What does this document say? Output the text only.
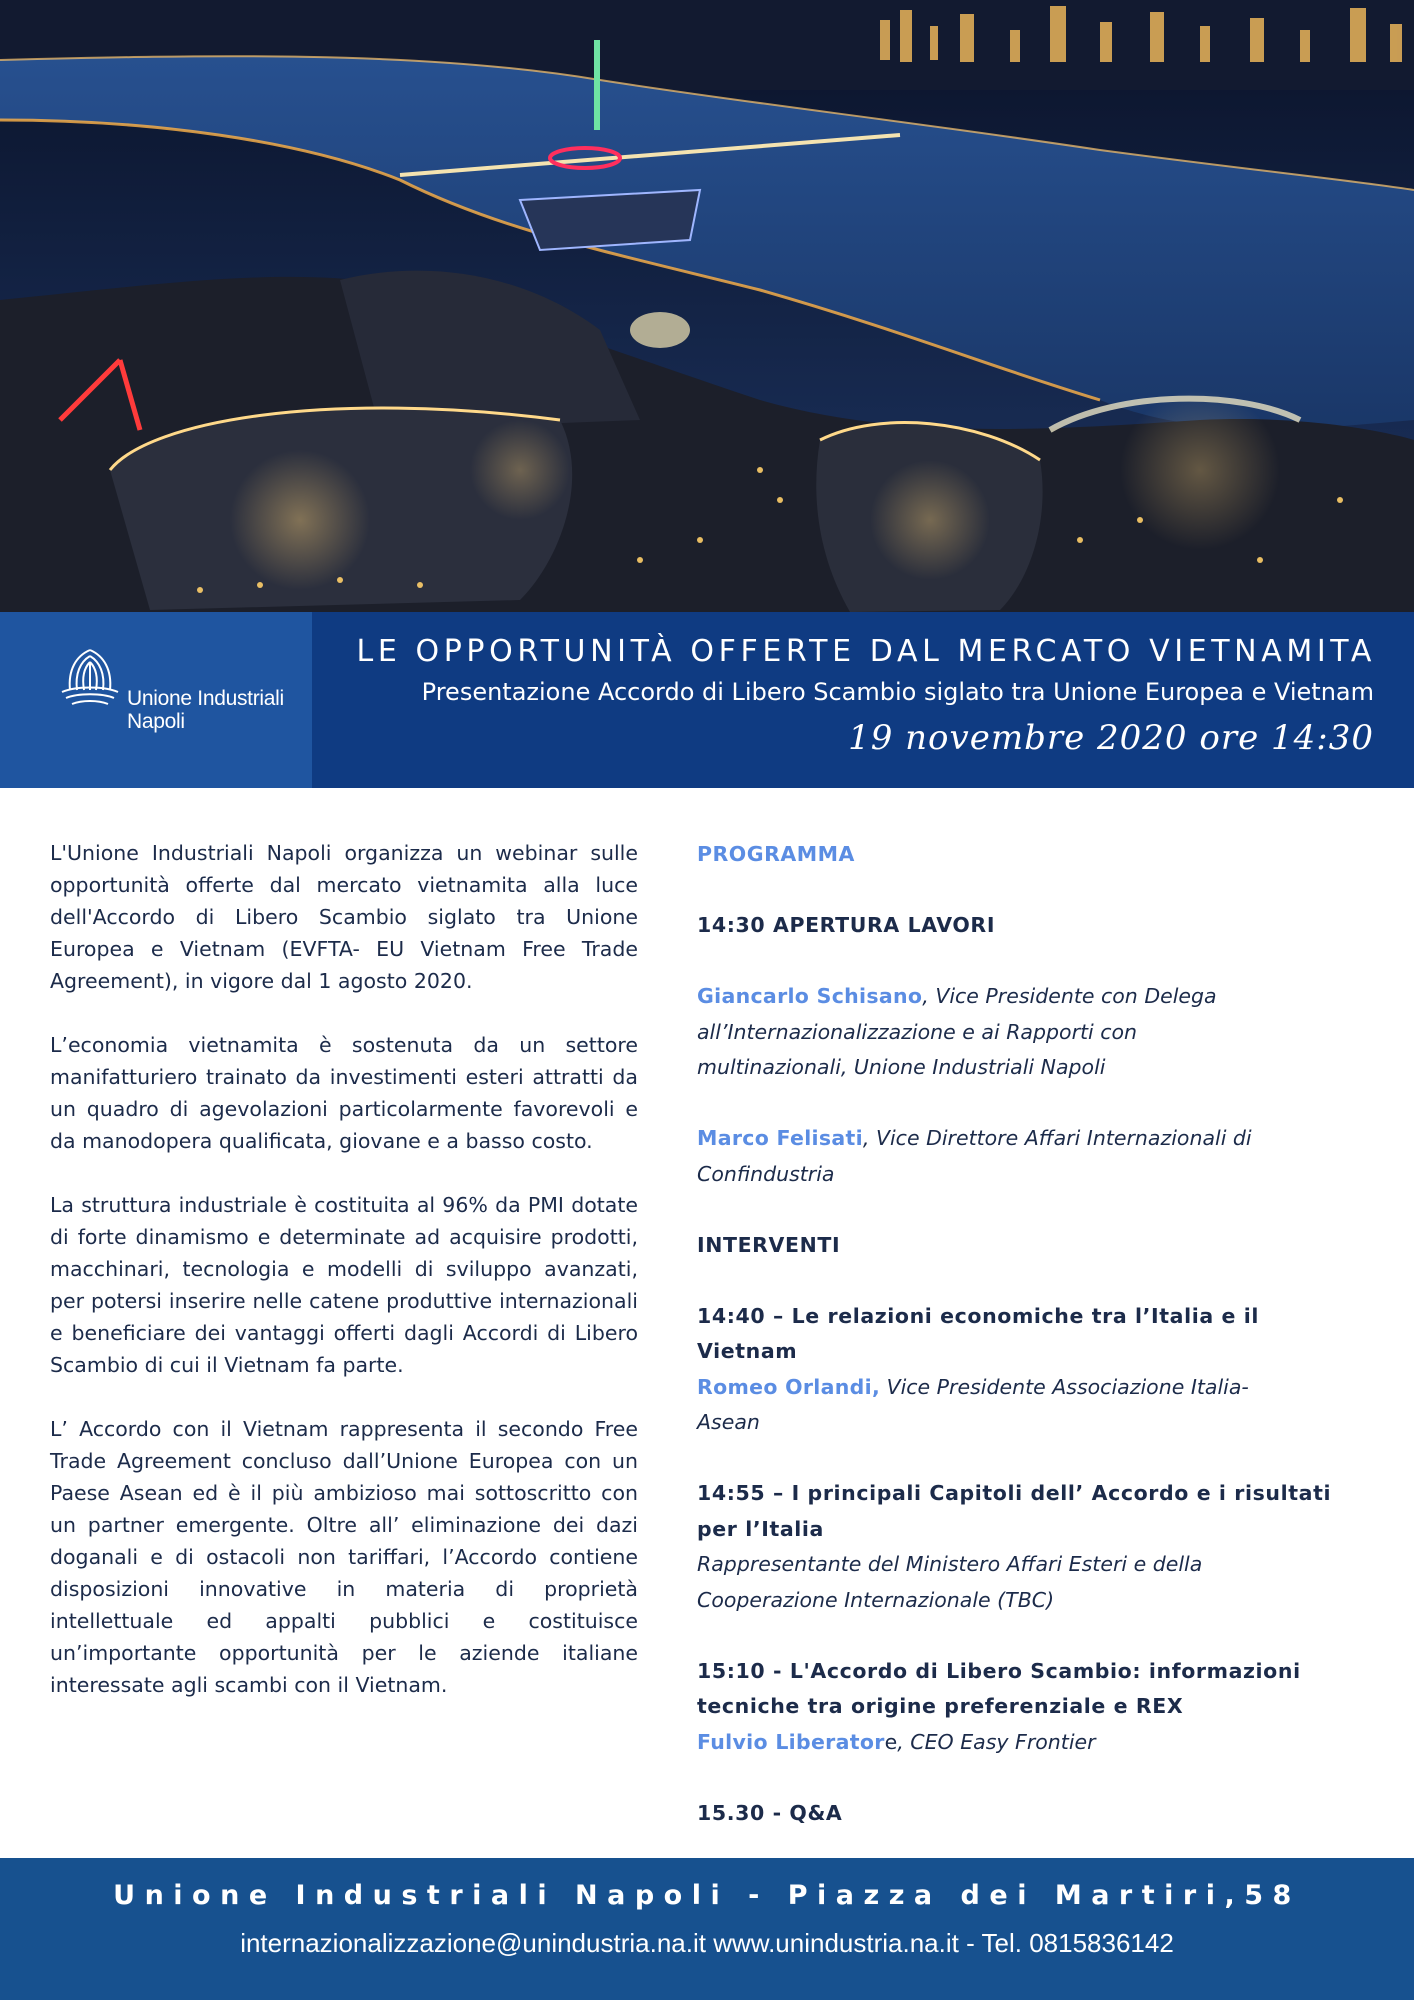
Unione Industriali
Napoli
LE OPPORTUNITÀ OFFERTE DAL MERCATO VIETNAMITA
Presentazione Accordo di Libero Scambio siglato tra Unione Europea e Vietnam
19 novembre 2020 ore 14:30

L'Unione Industriali Napoli organizza un webinar sulle opportunità offerte dal mercato vietnamita alla luce dell'Accordo di Libero Scambio siglato tra Unione Europea e Vietnam (EVFTA- EU Vietnam Free Trade Agreement), in vigore dal 1 agosto 2020.

L’economia vietnamita è sostenuta da un settore manifatturiero trainato da investimenti esteri attratti da un quadro di agevolazioni particolarmente favorevoli e da manodopera qualificata, giovane e a basso costo.

La struttura industriale è costituita al 96% da PMI dotate di forte dinamismo e determinate ad acquisire prodotti, macchinari, tecnologia e modelli di sviluppo avanzati, per potersi inserire nelle catene produttive internazionali e beneficiare dei vantaggi offerti dagli Accordi di Libero Scambio di cui il Vietnam fa parte.

L’ Accordo con il Vietnam rappresenta il secondo Free Trade Agreement concluso dall’Unione Europea con un Paese Asean ed è il più ambizioso mai sottoscritto con un partner emergente. Oltre all’ eliminazione dei dazi doganali e di ostacoli non tariffari, l’Accordo contiene disposizioni innovative in materia di proprietà intellettuale ed appalti pubblici e costituisce un’importante opportunità per le aziende italiane interessate agli scambi con il Vietnam.

PROGRAMMA
14:30 APERTURA LAVORI
Giancarlo Schisano, Vice Presidente con Delega all’Internazionalizzazione e ai Rapporti con multinazionali, Unione Industriali Napoli
Marco Felisati, Vice Direttore Affari Internazionali di Confindustria
INTERVENTI
14:40 – Le relazioni economiche tra l’Italia e il Vietnam
Romeo Orlandi, Vice Presidente Associazione Italia-Asean
14:55 – I principali Capitoli dell’ Accordo e i risultati per l’Italia
Rappresentante del Ministero Affari Esteri e della Cooperazione Internazionale (TBC)
15:10 - L'Accordo di Libero Scambio: informazioni tecniche tra origine preferenziale e REX
Fulvio Liberatore, CEO Easy Frontier
15.30 - Q&A
Unione Industriali Napoli - Piazza dei Martiri,58
internazionalizzazione@unindustria.na.it www.unindustria.na.it - Tel. 0815836142
